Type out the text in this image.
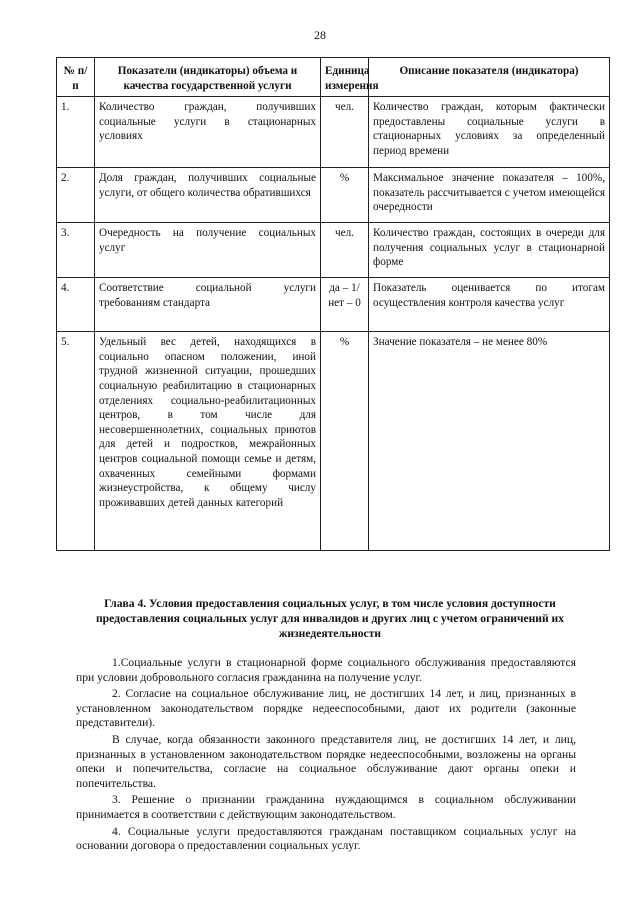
28
№ п/п	Показатели (индикаторы) объема и качества государственной услуги	Единица измерения	Описание показателя (индикатора)
1.	Количество граждан, получивших социальные услуги в стационарных условиях	чел.	Количество граждан, которым фактически предоставлены социальные услуги в стационарных условиях за определенный период времени
2.	Доля граждан, получивших социальные услуги, от общего количества обратившихся	%	Максимальное значение показателя – 100%, показатель рассчитывается с учетом имеющейся очередности
3.	Очередность на получение социальных услуг	чел.	Количество граждан, состоящих в очереди для получения социальных услуг в стационарной форме
4.	Соответствие социальной услуги требованиям стандарта	да – 1/нет – 0	Показатель оценивается по итогам осуществления контроля качества услуг
5.	Удельный вес детей, находящихся в социально опасном положении, иной трудной жизненной ситуации, прошедших социальную реабилитацию в стационарных отделениях социально-реабилитационных центров, в том числе для несовершеннолетних, социальных приютов для детей и подростков, межрайонных центров социальной помощи семье и детям, охваченных семейными формами жизнеустройства, к общему числу проживавших детей данных категорий	%	Значение показателя – не менее 80%
Глава 4. Условия предоставления социальных услуг, в том числе условия доступности предоставления социальных услуг для инвалидов и других лиц с учетом ограничений их жизнедеятельности

1.Социальные услуги в стационарной форме социального обслуживания предоставляются при условии добровольного согласия гражданина на получение услуг.

2. Согласие на социальное обслуживание лиц, не достигших 14 лет, и лиц, признанных в установленном законодательством порядке недееспособными, дают их родители (законные представители).

В случае, когда обязанности законного представителя лиц, не достигших 14 лет, и лиц, признанных в установленном законодательством порядке недееспособными, возложены на органы опеки и попечительства, согласие на социальное обслуживание дают органы опеки и попечительства.

3. Решение о признании гражданина нуждающимся в социальном обслуживании принимается в соответствии с действующим законодательством.

4. Социальные услуги предоставляются гражданам поставщиком социальных услуг на основании договора о предоставлении социальных услуг.
